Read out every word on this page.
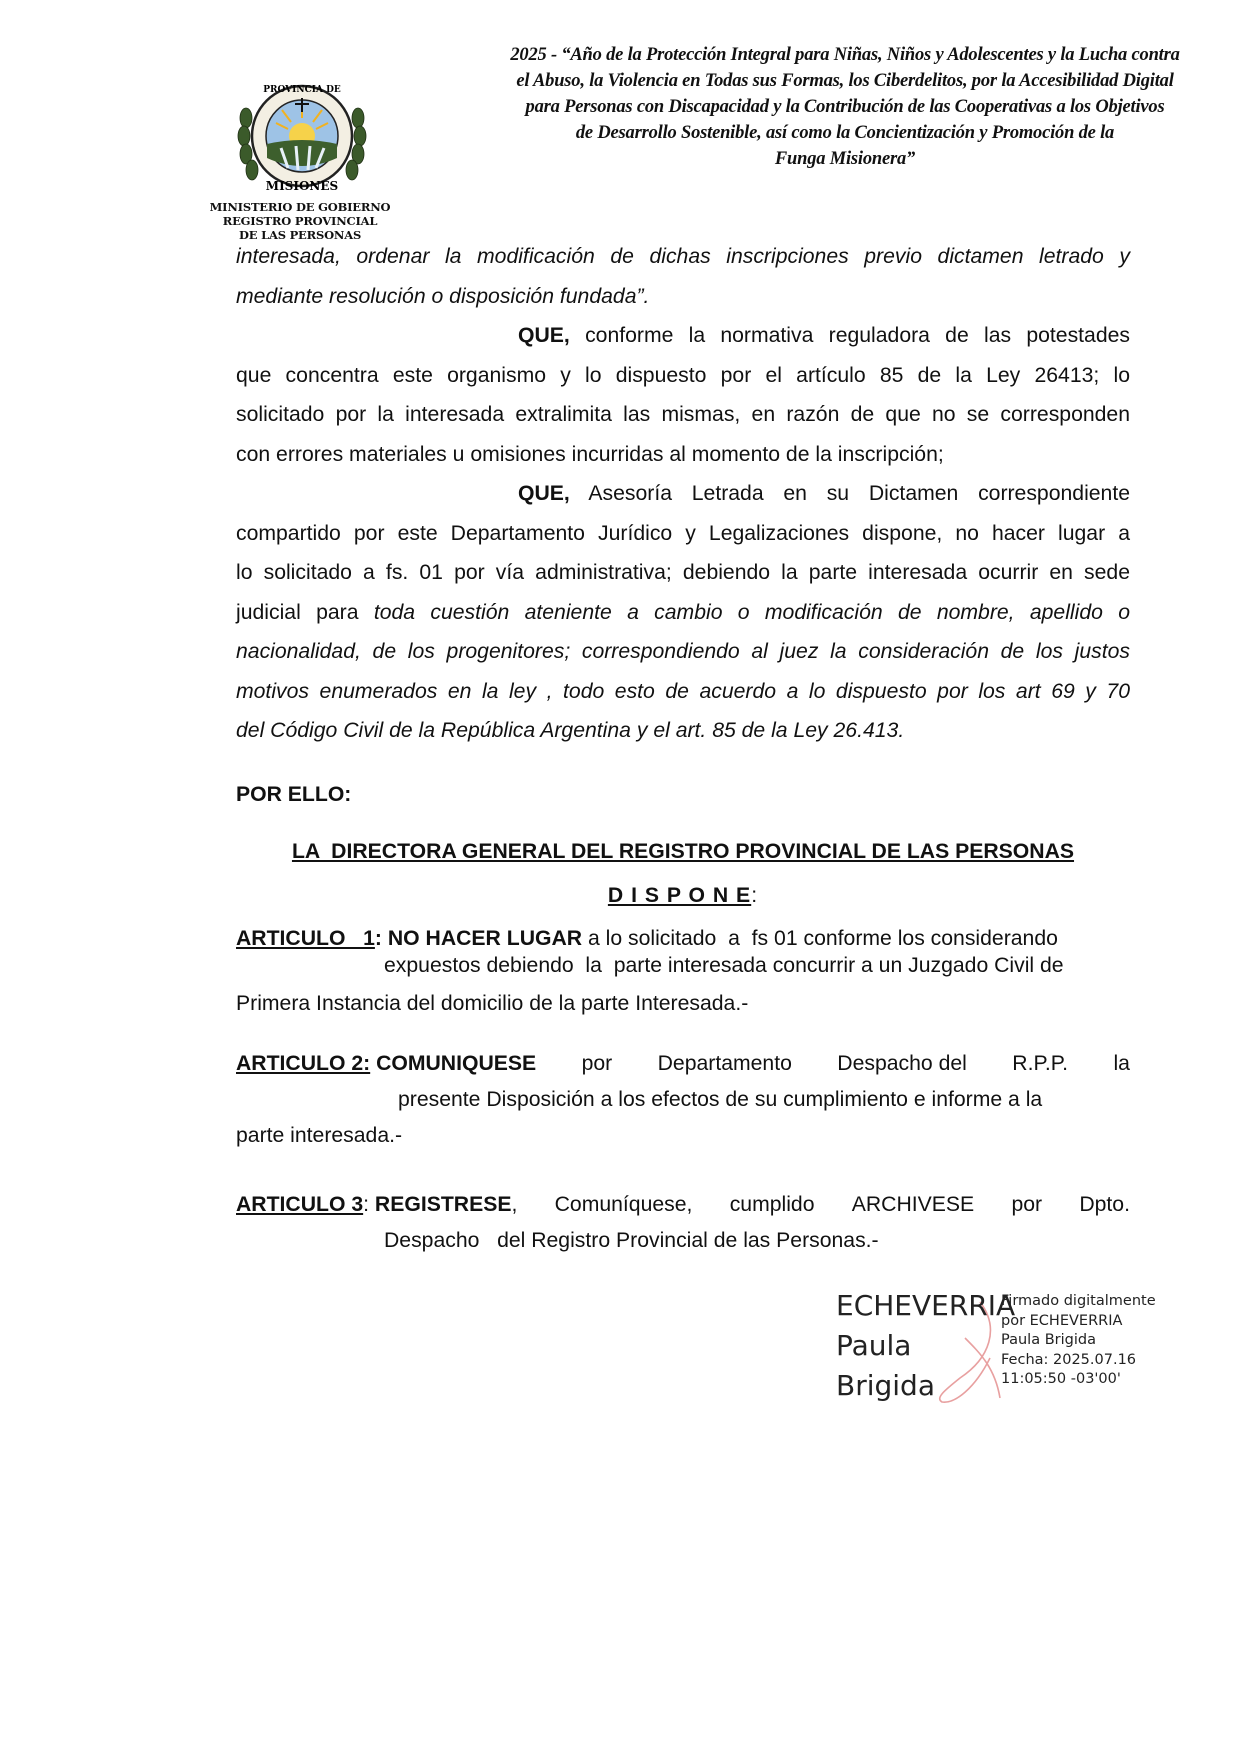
PROVINCIA DE
MISIONES
MINISTERIO DE GOBIERNO
REGISTRO PROVINCIAL
DE LAS PERSONAS
2025 - “Año de la Protección Integral para Niñas, Niños y Adolescentes y la Lucha contra
el Abuso, la Violencia en Todas sus Formas, los Ciberdelitos, por la Accesibilidad Digital
para Personas con Discapacidad y la Contribución de las Cooperativas a los Objetivos
de Desarrollo Sostenible, así como la Concientización y Promoción de la
Funga Misionera”
interesada, ordenar la modificación de dichas inscripciones previo dictamen letrado y
mediante resolución o disposición fundada”.
QUE, conforme la normativa reguladora de las potestades
que concentra este organismo y lo dispuesto por el artículo 85 de la Ley 26413; lo
solicitado por la interesada extralimita las mismas, en razón de que no se corresponden
con errores materiales u omisiones incurridas al momento de la inscripción;
QUE, Asesoría Letrada en su Dictamen correspondiente
compartido por este Departamento Jurídico y Legalizaciones dispone, no hacer lugar a
lo solicitado a fs. 01 por vía administrativa; debiendo la parte interesada ocurrir en sede
judicial para toda cuestión ateniente a cambio o modificación de nombre, apellido o
nacionalidad, de los progenitores; correspondiendo al juez la consideración de los justos
motivos enumerados en la ley , todo esto de acuerdo a lo dispuesto por los art 69 y 70
del Código Civil de la República Argentina y el art. 85 de la Ley 26.413.
POR ELLO:
LA  DIRECTORA GENERAL DEL REGISTRO PROVINCIAL DE LAS PERSONAS
D I S P O N E:
ARTICULO   1: NO HACER LUGAR a lo solicitado  a  fs 01 conforme los considerando
expuestos debiendo  la  parte interesada concurrir a un Juzgado Civil de
Primera Instancia del domicilio de la parte Interesada.-
ARTICULO 2: COMUNIQUESE por Departamento Despacho del R.P.P. la
presente Disposición a los efectos de su cumplimiento e informe a la
parte interesada.-
ARTICULO 3: REGISTRESE, Comuníquese, cumplido ARCHIVESE por Dpto.
Despacho   del Registro Provincial de las Personas.-
ECHEVERRIA
Paula
Brigida
Firmado digitalmente
por ECHEVERRIA
Paula Brigida
Fecha: 2025.07.16
11:05:50 -03'00'
